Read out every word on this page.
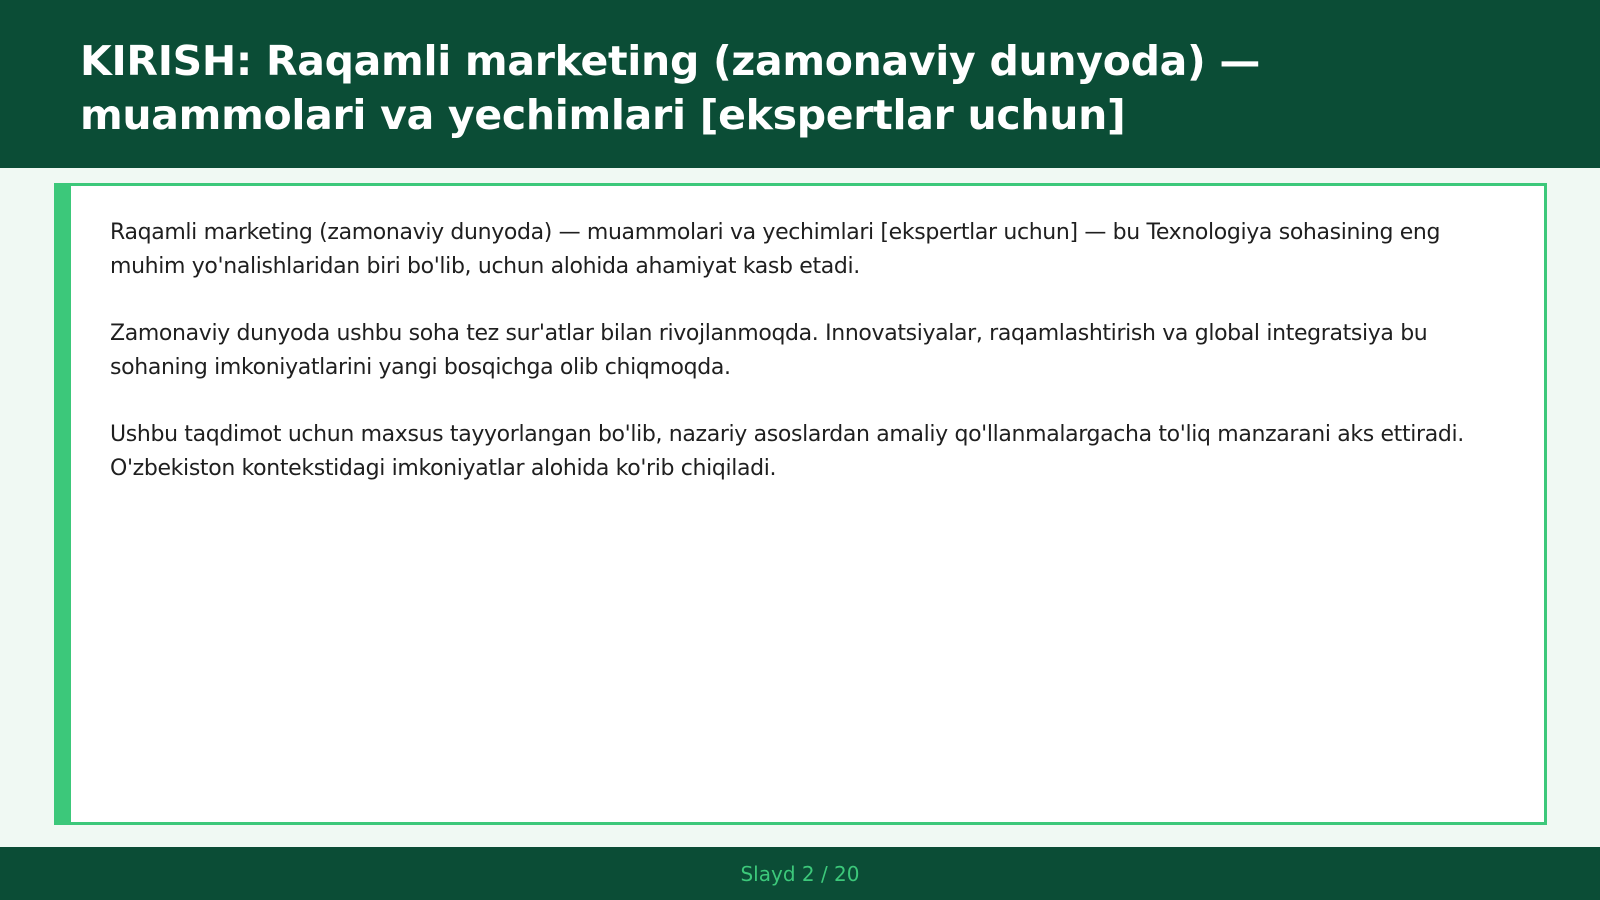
KIRISH: Raqamli marketing (zamonaviy dunyoda) — muammolari va yechimlari [ekspertlar uchun]

Raqamli marketing (zamonaviy dunyoda) — muammolari va yechimlari [ekspertlar uchun] — bu Texnologiya sohasining eng muhim yo'nalishlaridan biri bo'lib, uchun alohida ahamiyat kasb etadi.

Zamonaviy dunyoda ushbu soha tez sur'atlar bilan rivojlanmoqda. Innovatsiyalar, raqamlashtirish va global integratsiya bu sohaning imkoniyatlarini yangi bosqichga olib chiqmoqda.

Ushbu taqdimot uchun maxsus tayyorlangan bo'lib, nazariy asoslardan amaliy qo'llanmalargacha to'liq manzarani aks ettiradi. O'zbekiston kontekstidagi imkoniyatlar alohida ko'rib chiqiladi.

Slayd 2 / 20
